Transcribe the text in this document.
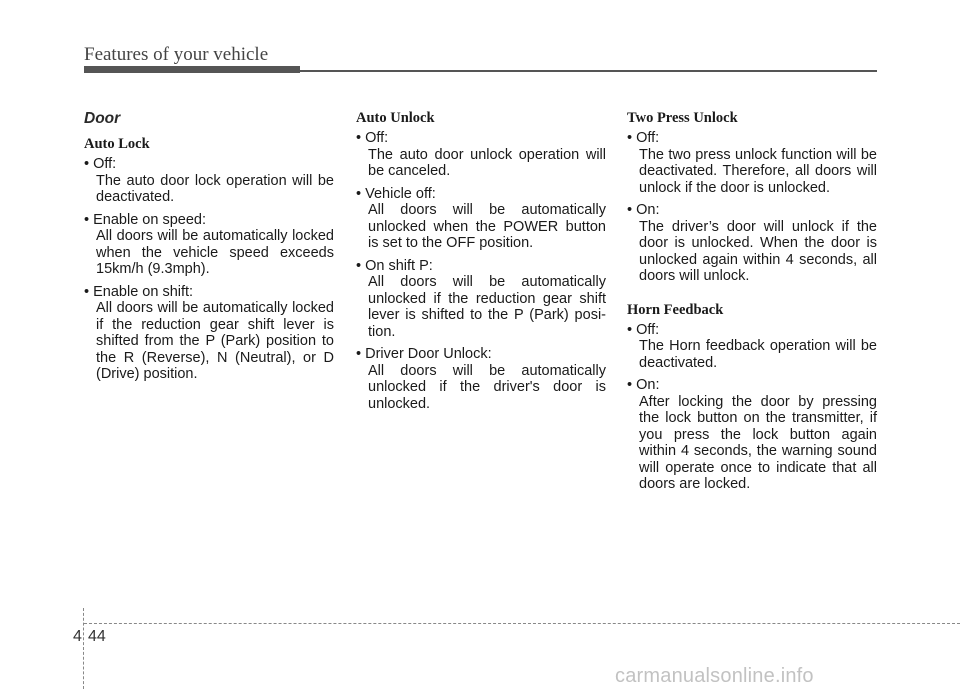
Features of your vehicle
Door
Auto Lock
• Off:
The auto door lock operation will be deactivated.
• Enable on speed:
All doors will be automatically locked when the vehicle speed exceeds 15km/h (9.3mph).
• Enable on shift:
All doors will be automatically locked if the reduction gear shift lever is shifted from the P (Park) position to the R (Reverse), N (Neutral), or D (Drive) position.
Auto Unlock
• Off:
The auto door unlock operation will be canceled.
• Vehicle off:
All doors will be automatically unlocked when the POWER button is set to the OFF position.
• On shift P:
All doors will be automatically unlocked if the reduction gear shift lever is shifted to the P (Park) posi-tion.
• Driver Door Unlock:
All doors will be automatically unlocked if the driver's door is unlocked.
Two Press Unlock
• Off:
The two press unlock function will be deactivated. Therefore, all doors will unlock if the door is unlocked.
• On:
The driver’s door will unlock if the door is unlocked. When the door is unlocked again within 4 seconds, all doors will unlock.
Horn Feedback
• Off:
The Horn feedback operation will be deactivated.
• On:
After locking the door by pressing the lock button on the transmitter, if you press the lock button again within 4 seconds, the warning sound will operate once to indicate that all doors are locked.
4 44
carmanualsonline.info
